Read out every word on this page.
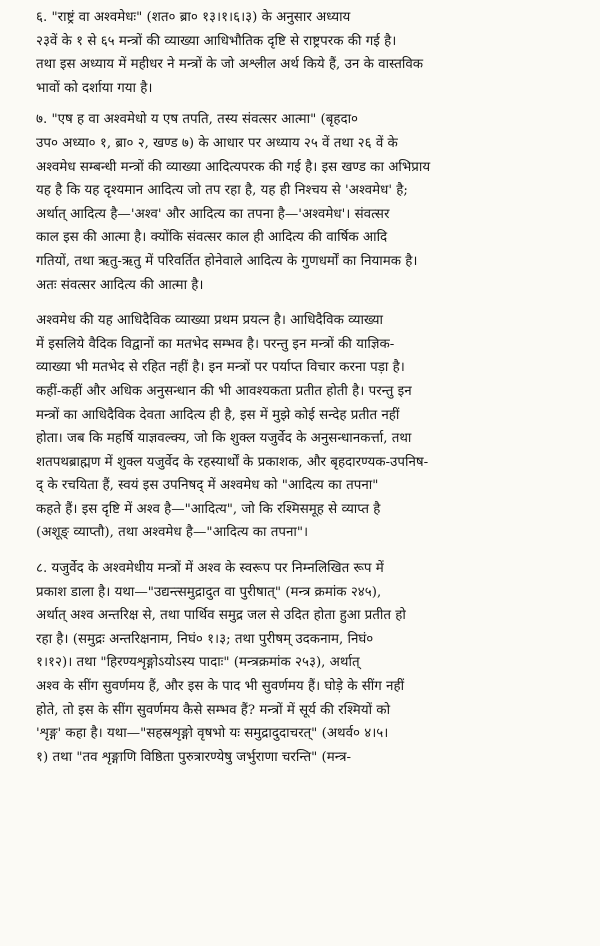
६. "राष्ट्रं वा अश्वमेधः" (शत० ब्रा० १३।१।६।३) के अनुसार अध्याय
२३वें के १ से ६५ मन्त्रों की व्याख्या आधिभौतिक दृष्टि से राष्ट्रपरक की गई है।
तथा इस अध्याय में महीधर ने मन्त्रों के जो अश्लील अर्थ किये हैं, उन के वास्तविक
भावों को दर्शाया गया है।

७. "एष ह वा अश्वमेधो य एष तपति, तस्य संवत्सर आत्मा" (बृहदा०
उप० अध्या० १, ब्रा० २, खण्ड ७) के आधार पर अध्याय २५ वें तथा २६ वें के
अश्वमेध सम्बन्धी मन्त्रों की व्याख्या आदित्यपरक की गई है। इस खण्ड का अभिप्राय
यह है कि यह दृश्यमान आदित्य जो तप रहा है, यह ही निश्चय से 'अश्वमेध' है;
अर्थात् आदित्य है—'अश्व' और आदित्य का तपना है—'अश्वमेध'। संवत्सर
काल इस की आत्मा है। क्योंकि संवत्सर काल ही आदित्य की वार्षिक आदि
गतियों, तथा ऋतु-ऋतु में परिवर्तित होनेवाले आदित्य के गुणधर्मों का नियामक है।
अतः संवत्सर आदित्य की आत्मा है।

अश्वमेध की यह आधिदैविक व्याख्या प्रथम प्रयत्न है। आधिदैविक व्याख्या
में इसलिये वैदिक विद्वानों का मतभेद सम्भव है। परन्तु इन मन्त्रों की याज्ञिक-
व्याख्या भी मतभेद से रहित नहीं है। इन मन्त्रों पर पर्याप्त विचार करना पड़ा है।
कहीं-कहीं और अधिक अनुसन्धान की भी आवश्यकता प्रतीत होती है। परन्तु इन
मन्त्रों का आधिदैविक देवता आदित्य ही है, इस में मुझे कोई सन्देह प्रतीत नहीं
होता। जब कि महर्षि याज्ञवल्क्य, जो कि शुक्ल यजुर्वेद के अनुसन्धानकर्त्ता, तथा
शतपथब्राह्मण में शुक्ल यजुर्वेद के रहस्यार्थों के प्रकाशक, और बृहदारण्यक-उपनिष-
द् के रचयिता हैं, स्वयं इस उपनिषद् में अश्वमेध को "आदित्य का तपना"
कहते हैं। इस दृष्टि में अश्व है—"आदित्य", जो कि रश्मिसमूह से व्याप्त है
(अशूङ् व्याप्तौ), तथा अश्वमेध है—"आदित्य का तपना"।

८. यजुर्वेद के अश्वमेधीय मन्त्रों में अश्व के स्वरूप पर निम्नलिखित रूप में
प्रकाश डाला है। यथा—"उद्यन्त्समुद्रादुत वा पुरीषात्" (मन्त्र क्रमांक २४५),
अर्थात् अश्व अन्तरिक्ष से, तथा पार्थिव समुद्र जल से उदित होता हुआ प्रतीत हो
रहा है। (समुद्रः अन्तरिक्षनाम, निघं० १।३; तथा पुरीषम् उदकनाम, निघं०
१।१२)। तथा "हिरण्यशृङ्गोऽयोऽस्य पादाः" (मन्त्रक्रमांक २५३), अर्थात्
अश्व के सींग सुवर्णमय हैं, और इस के पाद भी सुवर्णमय हैं। घोड़े के सींग नहीं
होते, तो इस के सींग सुवर्णमय कैसे सम्भव हैं? मन्त्रों में सूर्य की रश्मियों को
'शृङ्ग' कहा है। यथा—"सहस्रशृङ्गो वृषभो यः समुद्रादुदाचरत्" (अथर्व० ४।५।
१) तथा "तव शृङ्गाणि विष्ठिता पुरुत्रारण्येषु जर्भुराणा चरन्ति" (मन्त्र-
